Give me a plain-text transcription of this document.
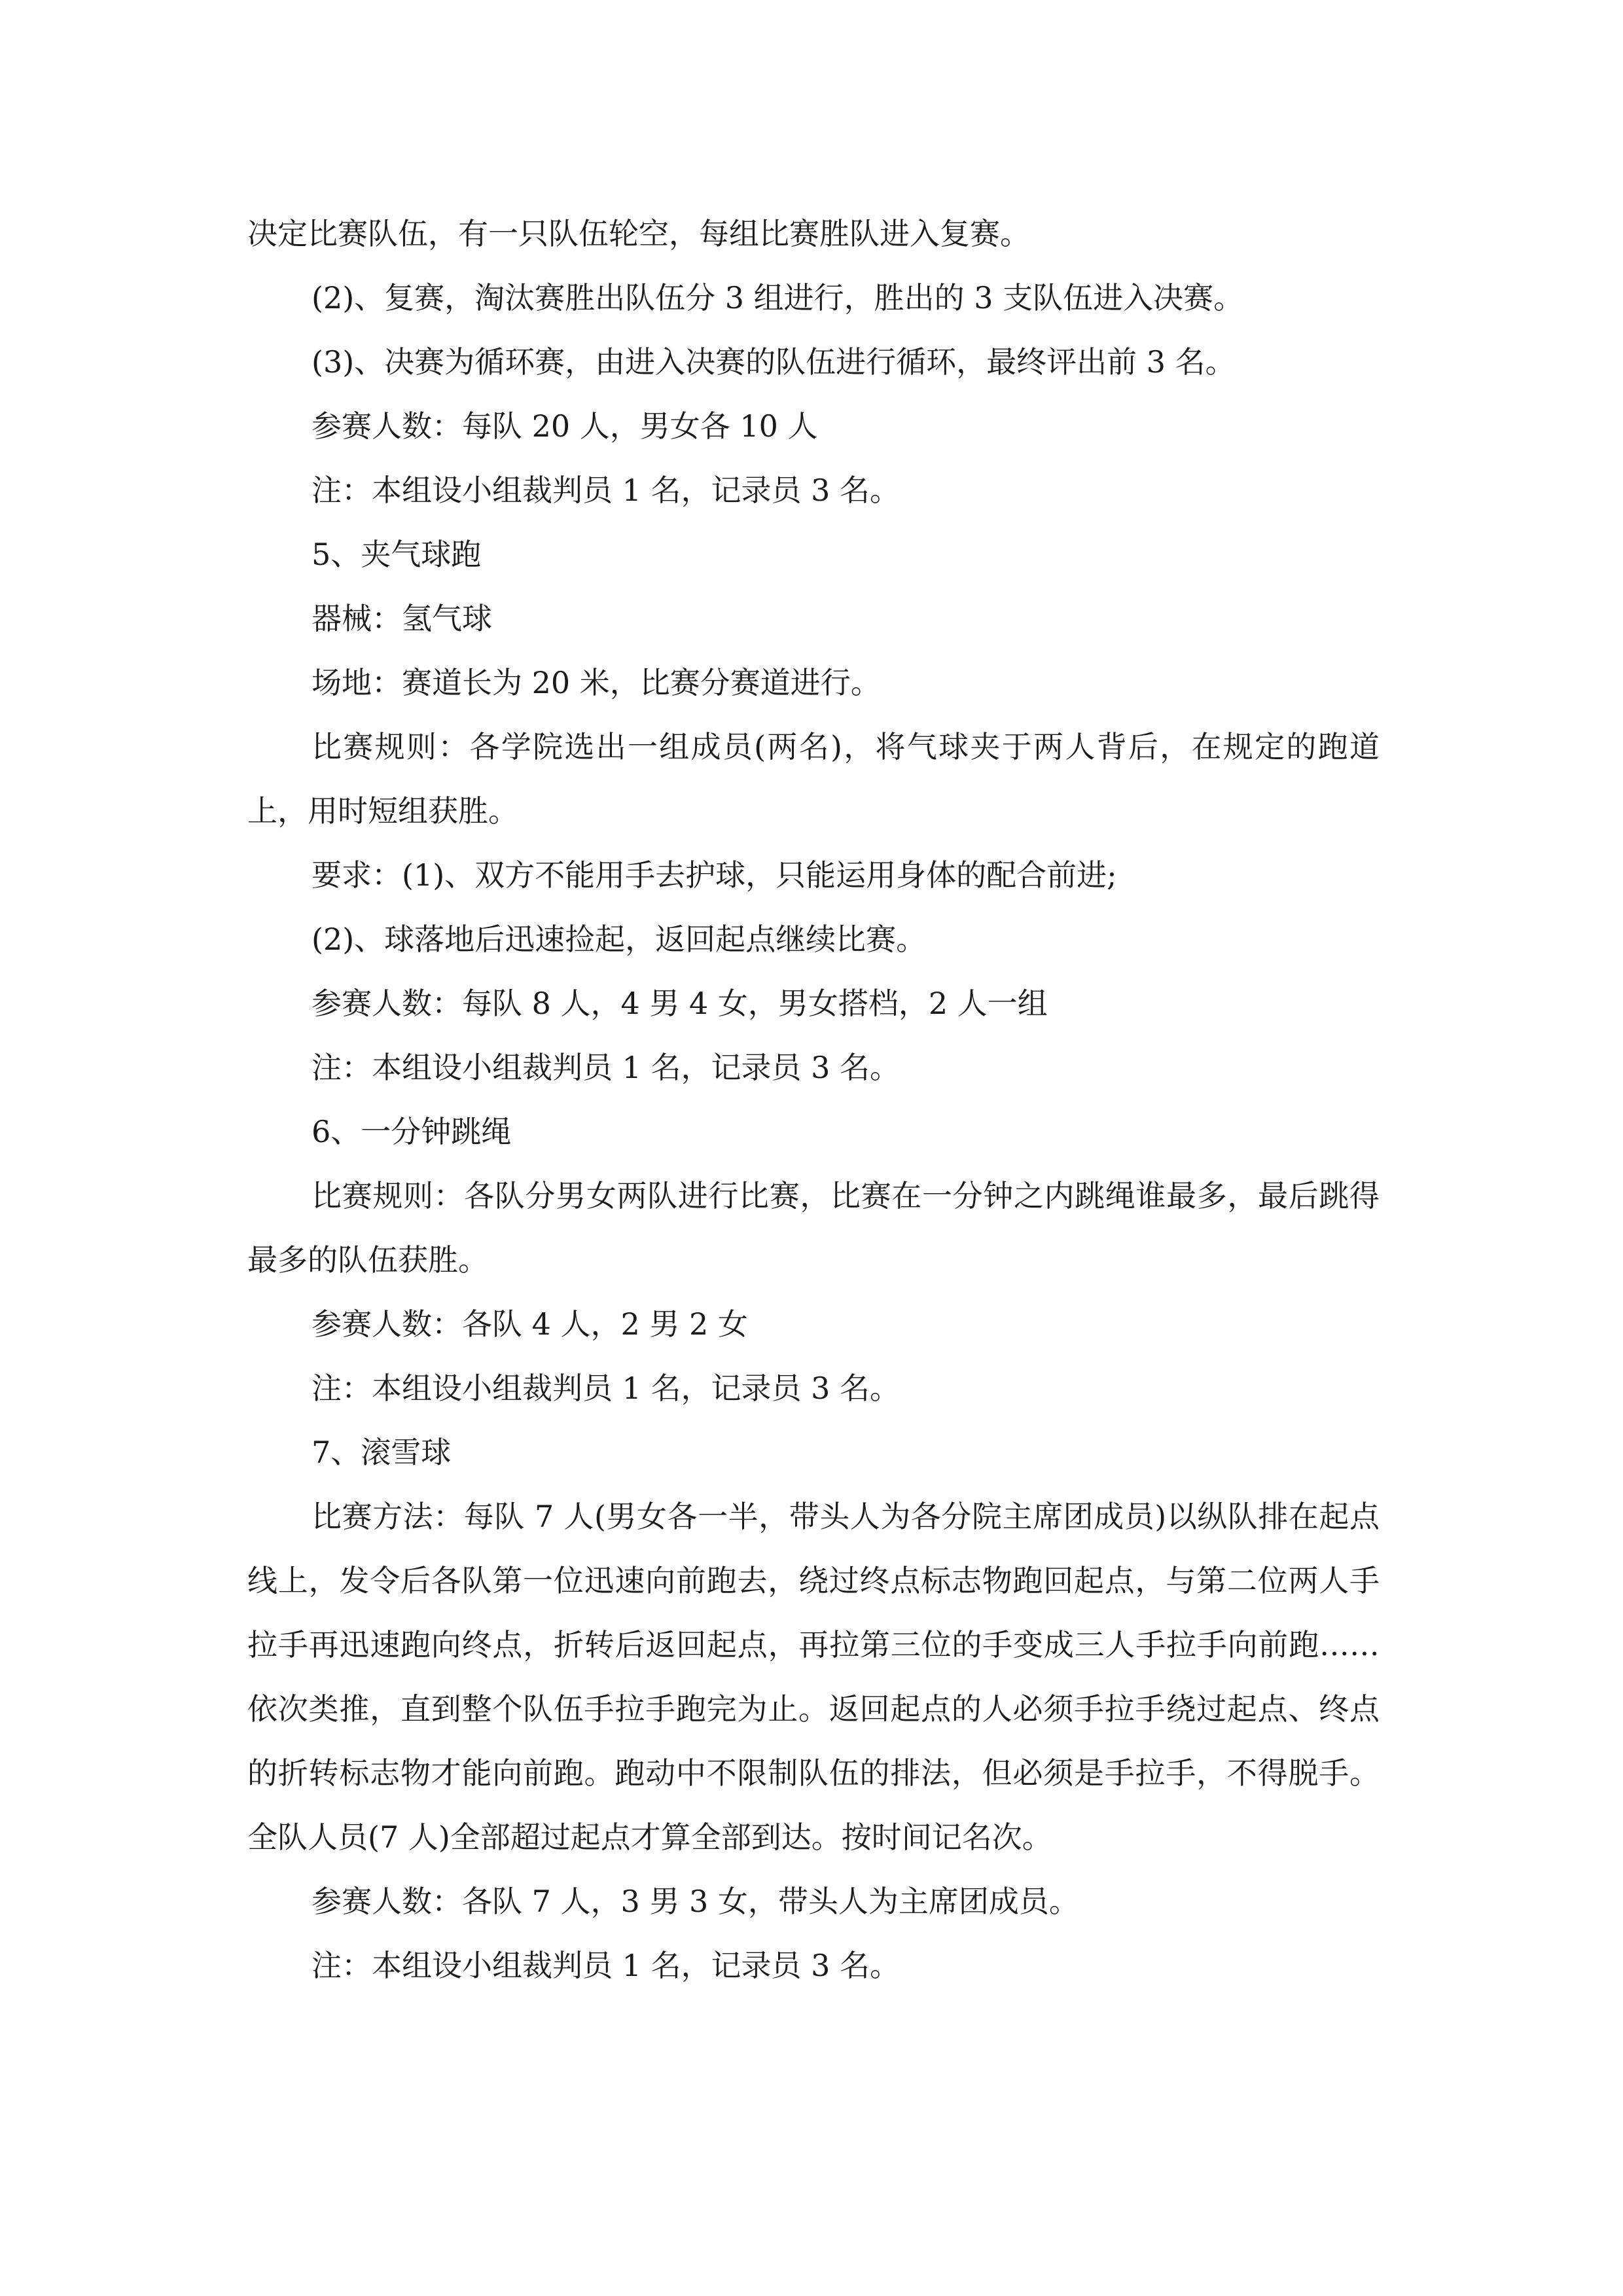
决定比赛队伍，有一只队伍轮空，每组比赛胜队进入复赛。

(2)、复赛，淘汰赛胜出队伍分 3 组进行，胜出的 3 支队伍进入决赛。

(3)、决赛为循环赛，由进入决赛的队伍进行循环，最终评出前 3 名。

参赛人数：每队 20 人，男女各 10 人

注：本组设小组裁判员 1 名，记录员 3 名。

5、夹气球跑

器械：氢气球

场地：赛道长为 20 米，比赛分赛道进行。

比赛规则：各学院选出一组成员(两名)，将气球夹于两人背后，在规定的跑道上，用时短组获胜。

要求：(1)、双方不能用手去护球，只能运用身体的配合前进;

(2)、球落地后迅速捡起，返回起点继续比赛。

参赛人数：每队 8 人，4 男 4 女，男女搭档，2 人一组

注：本组设小组裁判员 1 名，记录员 3 名。

6、一分钟跳绳

比赛规则：各队分男女两队进行比赛，比赛在一分钟之内跳绳谁最多，最后跳得最多的队伍获胜。

参赛人数：各队 4 人，2 男 2 女

注：本组设小组裁判员 1 名，记录员 3 名。

7、滚雪球

比赛方法：每队 7 人(男女各一半，带头人为各分院主席团成员)以纵队排在起点线上，发令后各队第一位迅速向前跑去，绕过终点标志物跑回起点，与第二位两人手拉手再迅速跑向终点，折转后返回起点，再拉第三位的手变成三人手拉手向前跑……依次类推，直到整个队伍手拉手跑完为止。返回起点的人必须手拉手绕过起点、终点的折转标志物才能向前跑。跑动中不限制队伍的排法，但必须是手拉手，不得脱手。全队人员(7 人)全部超过起点才算全部到达。按时间记名次。

参赛人数：各队 7 人，3 男 3 女，带头人为主席团成员。

注：本组设小组裁判员 1 名，记录员 3 名。
